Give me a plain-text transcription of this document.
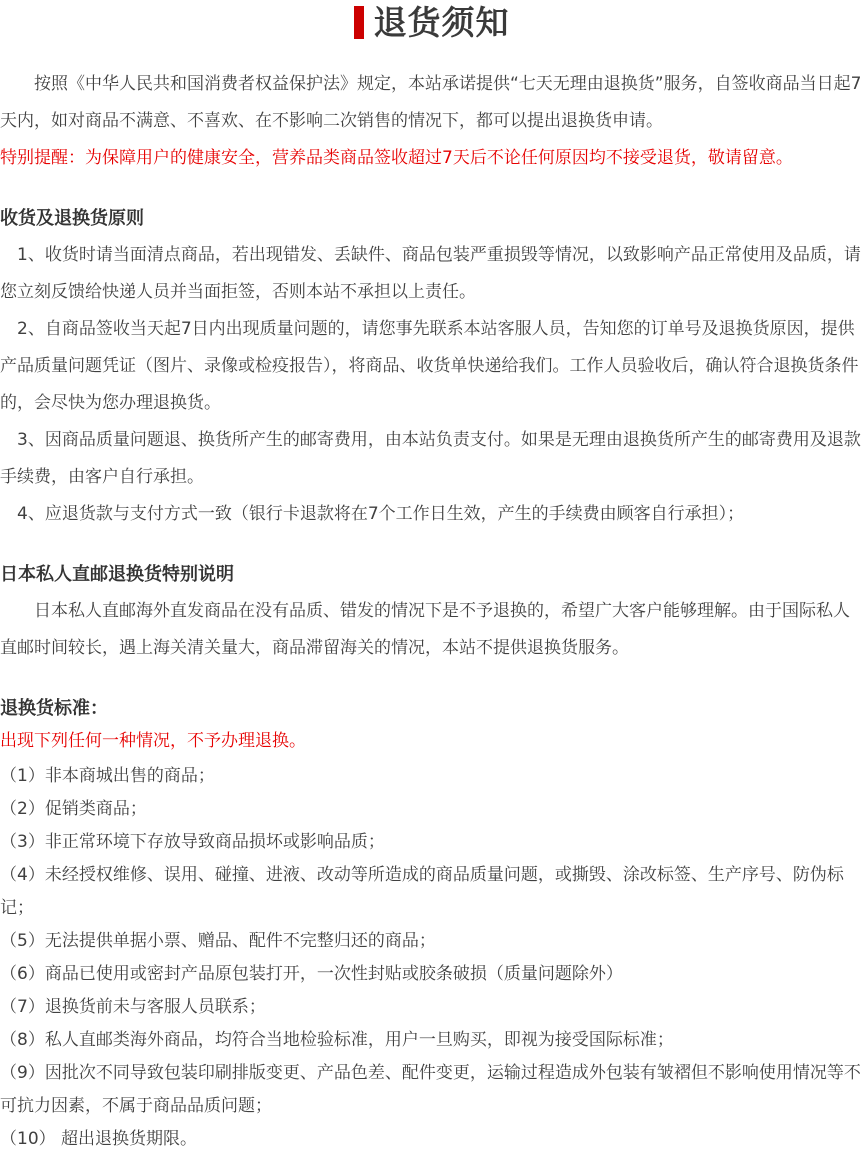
退货须知

按照《中华人民共和国消费者权益保护法》规定，本站承诺提供“七天无理由退换货”服务，自签收商品当日起7天内，如对商品不满意、不喜欢、在不影响二次销售的情况下，都可以提出退换货申请。

特别提醒：为保障用户的健康安全，营养品类商品签收超过7天后不论任何原因均不接受退货，敬请留意。

收货及退换货原则

1、收货时请当面清点商品，若出现错发、丢缺件、商品包装严重损毁等情况，以致影响产品正常使用及品质，请您立刻反馈给快递人员并当面拒签，否则本站不承担以上责任。

2、自商品签收当天起7日内出现质量问题的，请您事先联系本站客服人员，告知您的订单号及退换货原因，提供产品质量问题凭证（图片、录像或检疫报告），将商品、收货单快递给我们。工作人员验收后，确认符合退换货条件的，会尽快为您办理退换货。

3、因商品质量问题退、换货所产生的邮寄费用，由本站负责支付。如果是无理由退换货所产生的邮寄费用及退款手续费，由客户自行承担。

4、应退货款与支付方式一致（银行卡退款将在7个工作日生效，产生的手续费由顾客自行承担）；

日本私人直邮退换货特别说明

日本私人直邮海外直发商品在没有品质、错发的情况下是不予退换的，希望广大客户能够理解。由于国际私人直邮时间较长，遇上海关清关量大，商品滞留海关的情况，本站不提供退换货服务。

退换货标准：

出现下列任何一种情况，不予办理退换。

（1）非本商城出售的商品；

（2）促销类商品；

（3）非正常环境下存放导致商品损坏或影响品质；

（4）未经授权维修、误用、碰撞、进液、改动等所造成的商品质量问题，或撕毁、涂改标签、生产序号、防伪标记；

（5）无法提供单据小票、赠品、配件不完整归还的商品；

（6）商品已使用或密封产品原包装打开，一次性封贴或胶条破损（质量问题除外）

（7）退换货前未与客服人员联系；

（8）私人直邮类海外商品，均符合当地检验标准，用户一旦购买，即视为接受国际标准；

（9）因批次不同导致包装印刷排版变更、产品色差、配件变更，运输过程造成外包装有皱褶但不影响使用情况等不可抗力因素，不属于商品品质问题；

（10） 超出退换货期限。
